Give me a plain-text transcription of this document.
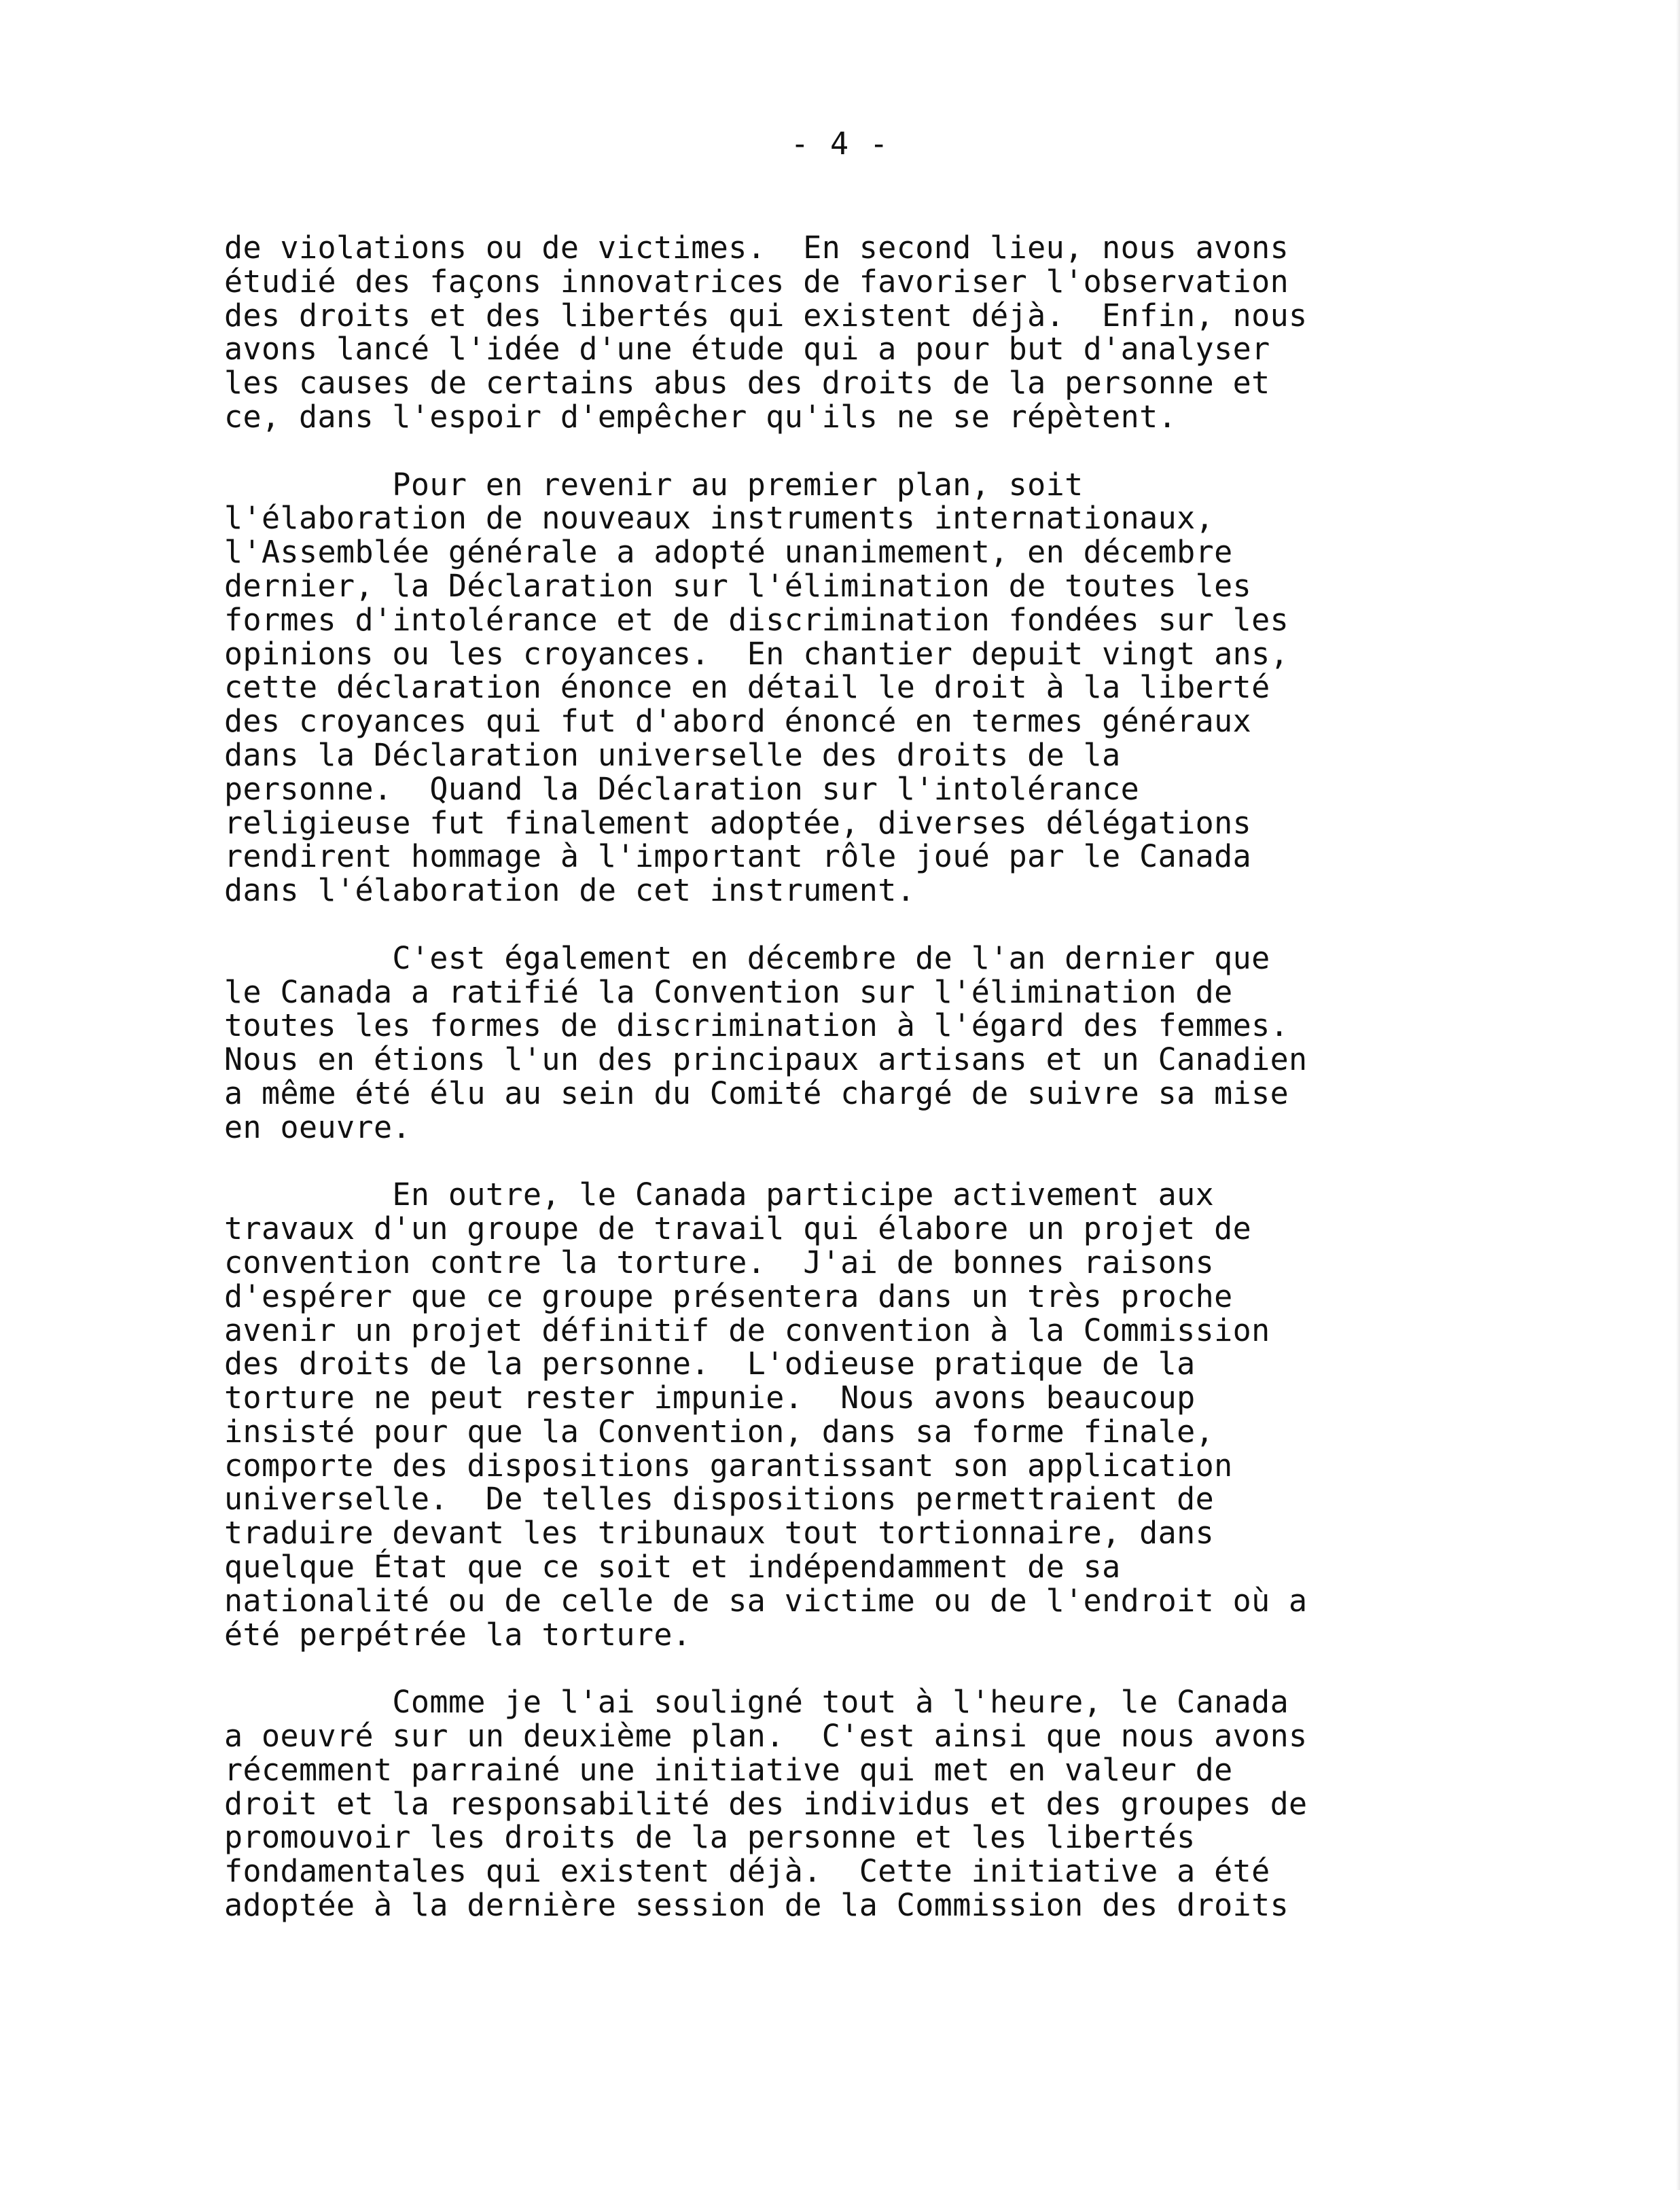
- 4 -
de violations ou de victimes.  En second lieu, nous avons
étudié des façons innovatrices de favoriser l'observation
des droits et des libertés qui existent déjà.  Enfin, nous
avons lancé l'idée d'une étude qui a pour but d'analyser
les causes de certains abus des droits de la personne et
ce, dans l'espoir d'empêcher qu'ils ne se répètent.
Pour en revenir au premier plan, soit
l'élaboration de nouveaux instruments internationaux,
l'Assemblée générale a adopté unanimement, en décembre
dernier, la Déclaration sur l'élimination de toutes les
formes d'intolérance et de discrimination fondées sur les
opinions ou les croyances.  En chantier depuit vingt ans,
cette déclaration énonce en détail le droit à la liberté
des croyances qui fut d'abord énoncé en termes généraux
dans la Déclaration universelle des droits de la
personne.  Quand la Déclaration sur l'intolérance
religieuse fut finalement adoptée, diverses délégations
rendirent hommage à l'important rôle joué par le Canada
dans l'élaboration de cet instrument.
C'est également en décembre de l'an dernier que
le Canada a ratifié la Convention sur l'élimination de
toutes les formes de discrimination à l'égard des femmes.
Nous en étions l'un des principaux artisans et un Canadien
a même été élu au sein du Comité chargé de suivre sa mise
en oeuvre.
En outre, le Canada participe activement aux
travaux d'un groupe de travail qui élabore un projet de
convention contre la torture.  J'ai de bonnes raisons
d'espérer que ce groupe présentera dans un très proche
avenir un projet définitif de convention à la Commission
des droits de la personne.  L'odieuse pratique de la
torture ne peut rester impunie.  Nous avons beaucoup
insisté pour que la Convention, dans sa forme finale,
comporte des dispositions garantissant son application
universelle.  De telles dispositions permettraient de
traduire devant les tribunaux tout tortionnaire, dans
quelque État que ce soit et indépendamment de sa
nationalité ou de celle de sa victime ou de l'endroit où a
été perpétrée la torture.
Comme je l'ai souligné tout à l'heure, le Canada
a oeuvré sur un deuxième plan.  C'est ainsi que nous avons
récemment parrainé une initiative qui met en valeur de
droit et la responsabilité des individus et des groupes de
promouvoir les droits de la personne et les libertés
fondamentales qui existent déjà.  Cette initiative a été
adoptée à la dernière session de la Commission des droits
